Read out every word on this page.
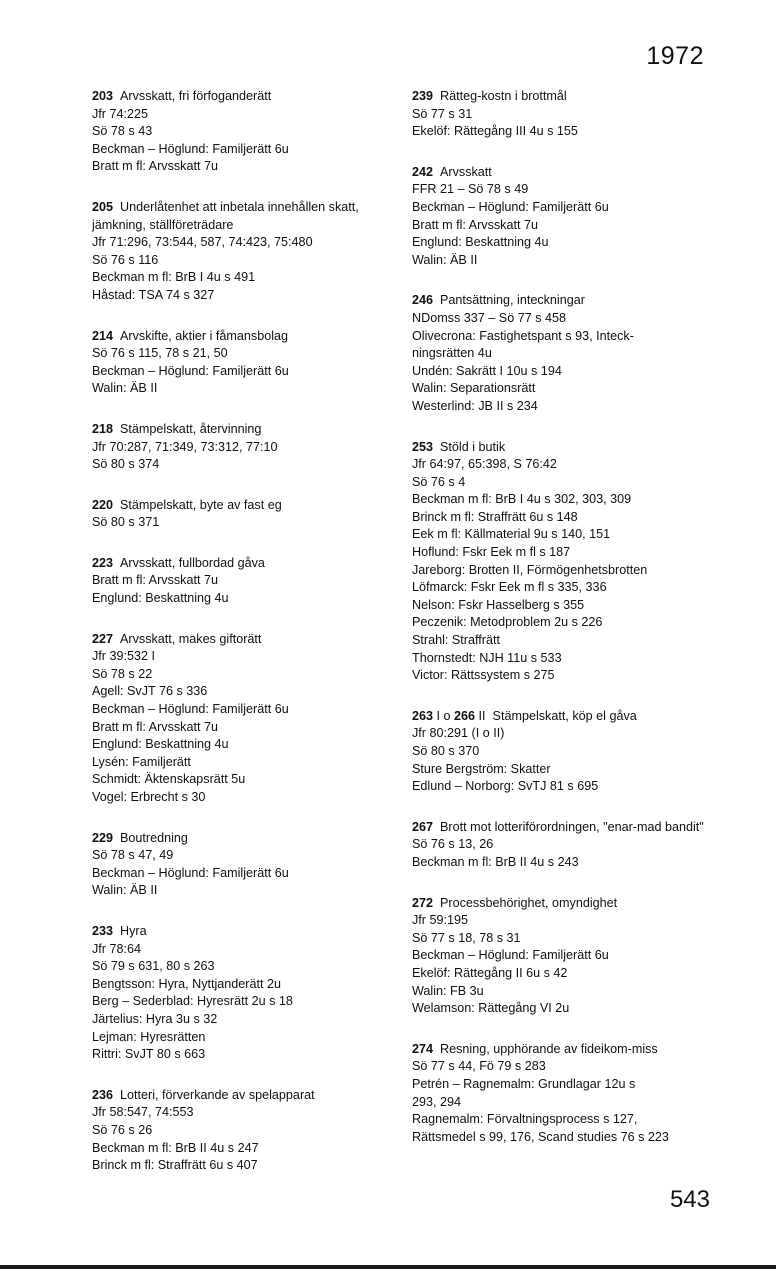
1972
203 Arvsskatt, fri förfoganderätt
Jfr 74:225
Sö 78 s 43
Beckman – Höglund: Familjerätt 6u
Bratt m fl: Arvsskatt 7u
205 Underlåtenhet att inbetala innehållen skatt, jämkning, ställföreträdare
Jfr 71:296, 73:544, 587, 74:423, 75:480
Sö 76 s 116
Beckman m fl: BrB I 4u s 491
Håstad: TSA 74 s 327
214 Arvskifte, aktier i fåmansbolag
Sö 76 s 115, 78 s 21, 50
Beckman – Höglund: Familjerätt 6u
Walin: ÄB II
218 Stämpelskatt, återvinning
Jfr 70:287, 71:349, 73:312, 77:10
Sö 80 s 374
220 Stämpelskatt, byte av fast eg
Sö 80 s 371
223 Arvsskatt, fullbordad gåva
Bratt m fl: Arvsskatt 7u
Englund: Beskattning 4u
227 Arvsskatt, makes giftorätt
Jfr 39:532 I
Sö 78 s 22
Agell: SvJT 76 s 336
Beckman – Höglund: Familjerätt 6u
Bratt m fl: Arvsskatt 7u
Englund: Beskattning 4u
Lysén: Familjerätt
Schmidt: Äktenskapsrätt 5u
Vogel: Erbrecht s 30
229 Boutredning
Sö 78 s 47, 49
Beckman – Höglund: Familjerätt 6u
Walin: ÄB II
233 Hyra
Jfr 78:64
Sö 79 s 631, 80 s 263
Bengtsson: Hyra, Nyttjanderätt 2u
Berg – Sederblad: Hyresrätt 2u s 18
Järtelius: Hyra 3u s 32
Lejman: Hyresrätten
Rittri: SvJT 80 s 663
236 Lotteri, förverkande av spelapparat
Jfr 58:547, 74:553
Sö 76 s 26
Beckman m fl: BrB II 4u s 247
Brinck m fl: Straffrätt 6u s 407
239 Rätteg-kostn i brottmål
Sö 77 s 31
Ekelöf: Rättegång III 4u s 155
242 Arvsskatt
FFR 21 – Sö 78 s 49
Beckman – Höglund: Familjerätt 6u
Bratt m fl: Arvsskatt 7u
Englund: Beskattning 4u
Walin: ÄB II
246 Pantsättning, inteckningar
NDomss 337 – Sö 77 s 458
Olivecrona: Fastighetspant s 93, Inteck-
ningsrätten 4u
Undén: Sakrätt I 10u s 194
Walin: Separationsrätt
Westerlind: JB II s 234
253 Stöld i butik
Jfr 64:97, 65:398, S 76:42
Sö 76 s 4
Beckman m fl: BrB I 4u s 302, 303, 309
Brinck m fl: Straffrätt 6u s 148
Eek m fl: Källmaterial 9u s 140, 151
Hoflund: Fskr Eek m fl s 187
Jareborg: Brotten II, Förmögenhetsbrotten
Löfmarck: Fskr Eek m fl s 335, 336
Nelson: Fskr Hasselberg s 355
Peczenik: Metodproblem 2u s 226
Strahl: Straffrätt
Thornstedt: NJH 11u s 533
Victor: Rättssystem s 275
263 I o 266 II Stämpelskatt, köp el gåva
Jfr 80:291 (I o II)
Sö 80 s 370
Sture Bergström: Skatter
Edlund – Norborg: SvTJ 81 s 695
267 Brott mot lotteriförordningen, "enar-mad bandit"
Sö 76 s 13, 26
Beckman m fl: BrB II 4u s 243
272 Processbehörighet, omyndighet
Jfr 59:195
Sö 77 s 18, 78 s 31
Beckman – Höglund: Familjerätt 6u
Ekelöf: Rättegång II 6u s 42
Walin: FB 3u
Welamson: Rättegång VI 2u
274 Resning, upphörande av fideikom-miss
Sö 77 s 44, Fö 79 s 283
Petrén – Ragnemalm: Grundlagar 12u s
293, 294
Ragnemalm: Förvaltningsprocess s 127,
Rättsmedel s 99, 176, Scand studies 76 s 223
543
